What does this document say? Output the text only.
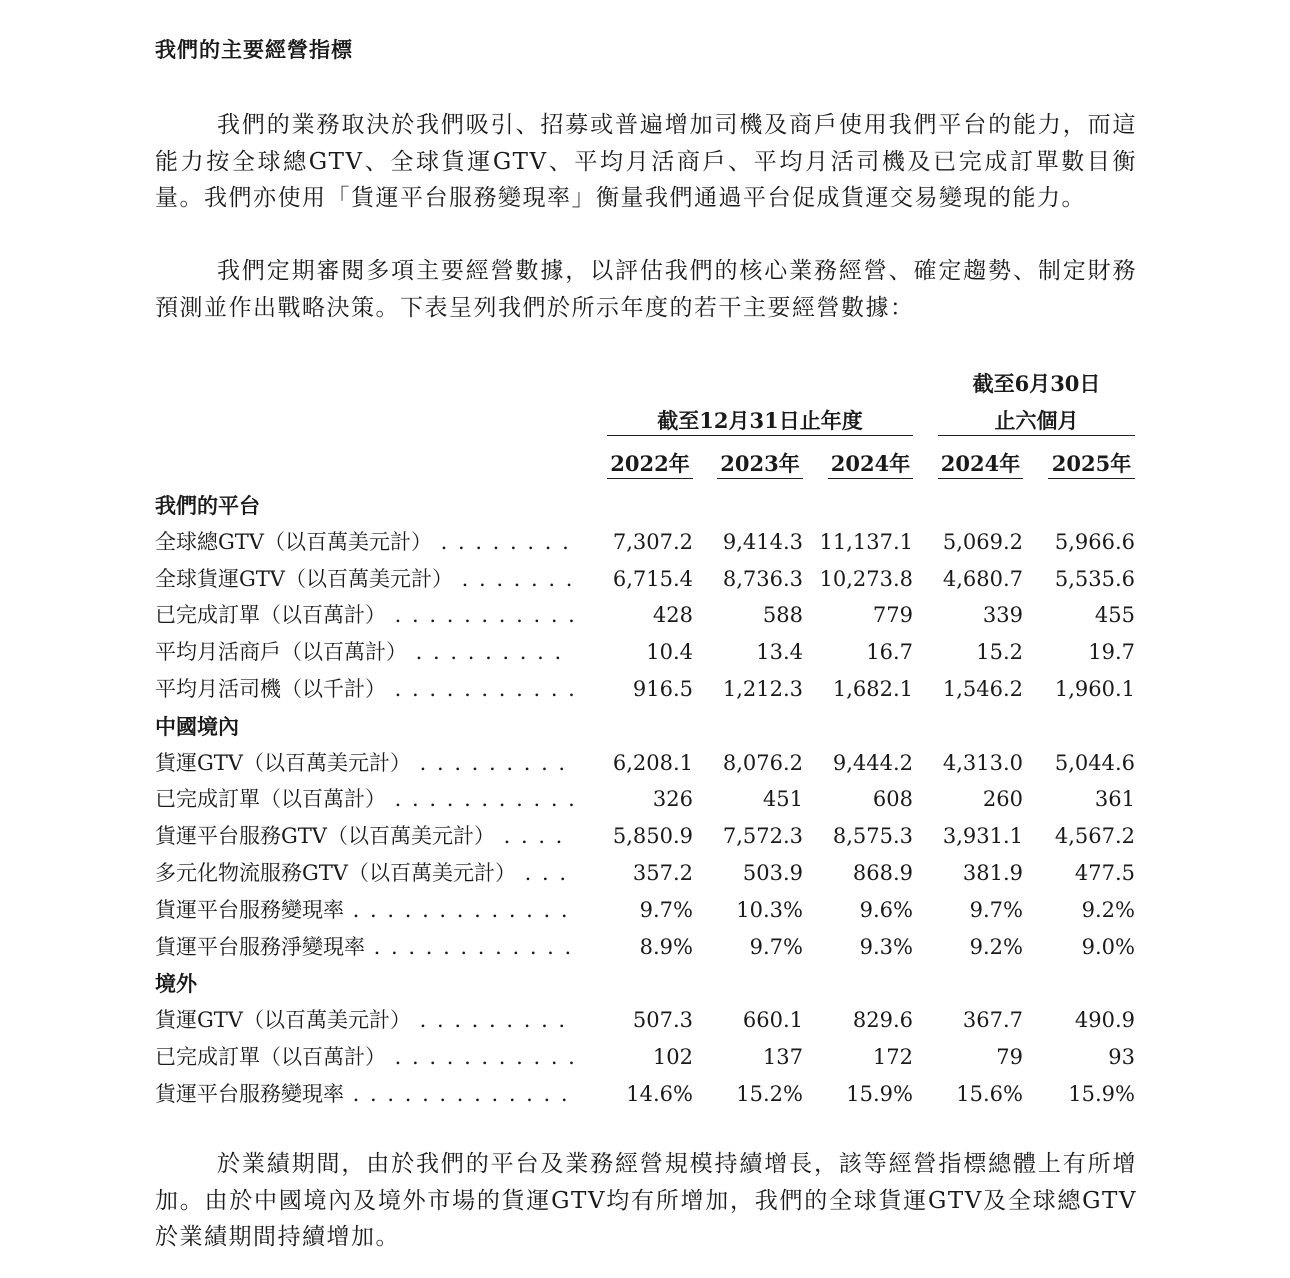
我們的主要經營指標

我們的業務取決於我們吸引、招募或普遍增加司機及商戶使用我們平台的能力，而這能力按全球總GTV、全球貨運GTV、平均月活商戶、平均月活司機及已完成訂單數目衡量。我們亦使用「貨運平台服務變現率」衡量我們通過平台促成貨運交易變現的能力。

我們定期審閱多項主要經營數據，以評估我們的核心業務經營、確定趨勢、制定財務預測並作出戰略決策。下表呈列我們於所示年度的若干主要經營數據：

截至6月30日
止六個月
截至12月31日止年度
2022年 2023年 2024年 2024年 2025年
我們的平台
全球總GTV（以百萬美元計） . . .	7,307.2	9,414.3 11,137.1	5,069.2	5,966.6
全球貨運GTV（以百萬美元計） . . .	6,715.4	8,736.3 10,273.8	4,680.7	5,535.6
已完成訂單（以百萬計） . . .	428	588	779	339	455
平均月活商戶（以百萬計） . . .	10.4	13.4	16.7	15.2	19.7
平均月活司機（以千計） . . .	916.5	1,212.3	1,682.1	1,546.2	1,960.1
中國境內
貨運GTV（以百萬美元計） . . .	6,208.1	8,076.2	9,444.2	4,313.0	5,044.6
已完成訂單（以百萬計） . . .	326	451	608	260	361
貨運平台服務GTV（以百萬美元計） . . .	5,850.9	7,572.3	8,575.3	3,931.1	4,567.2
多元化物流服務GTV（以百萬美元計） . . .	357.2	503.9	868.9	381.9	477.5
貨運平台服務變現率 . . .	9.7%	10.3%	9.6%	9.7%	9.2%
貨運平台服務淨變現率 . . .	8.9%	9.7%	9.3%	9.2%	9.0%
境外
貨運GTV（以百萬美元計） . . .	507.3	660.1	829.6	367.7	490.9
已完成訂單（以百萬計） . . .	102	137	172	79	93
貨運平台服務變現率 . . .	14.6%	15.2%	15.9%	15.6%	15.9%

於業績期間，由於我們的平台及業務經營規模持續增長，該等經營指標總體上有所增加。由於中國境內及境外市場的貨運GTV均有所增加，我們的全球貨運GTV及全球總GTV於業績期間持續增加。
